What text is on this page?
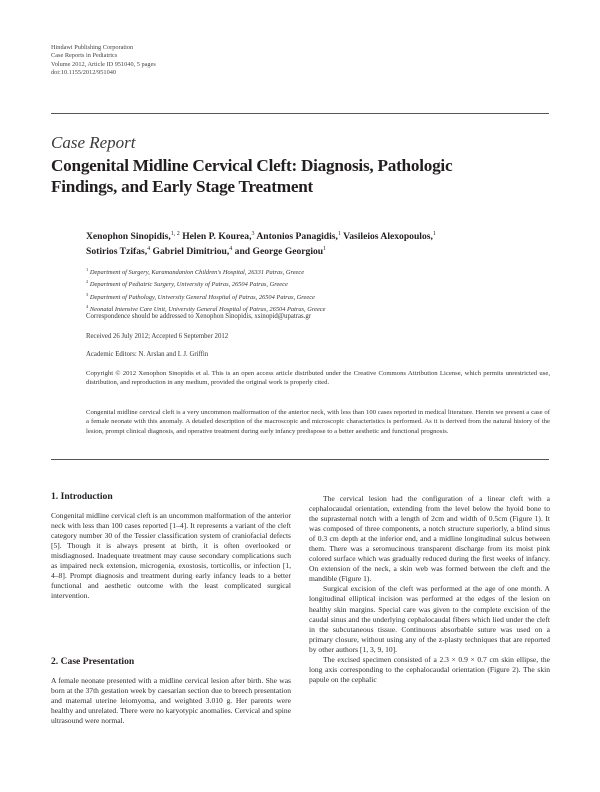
Hindawi Publishing Corporation
Case Reports in Pediatrics
Volume 2012, Article ID 951040, 5 pages
doi:10.1155/2012/951040
Case Report
Congenital Midline Cervical Cleft: Diagnosis, Pathologic Findings, and Early Stage Treatment
Xenophon Sinopidis,$^{1, 2}$ Helen P. Kourea,$^3$ Antonios Panagidis,$^1$ Vasileios Alexopoulos,$^1$
Sotirios Tzifas,$^4$ Gabriel Dimitriou,$^4$ and George Georgiou$^1$
$^1$ Department of Surgery, Karamandanion Children's Hospital, 26331 Patras, Greece
$^2$ Department of Pediatric Surgery, University of Patras, 26504 Patras, Greece
$^3$ Department of Pathology, University General Hospital of Patras, 26504 Patras, Greece
$^4$ Neonatal Intensive Care Unit, University General Hospital of Patras, 26504 Patras, Greece
Correspondence should be addressed to Xenophon Sinopidis, xsinopid@upatras.gr
Received 26 July 2012; Accepted 6 September 2012
Academic Editors: N. Arslan and I. J. Griffin
Copyright © 2012 Xenophon Sinopidis et al. This is an open access article distributed under the Creative Commons Attribution License, which permits unrestricted use, distribution, and reproduction in any medium, provided the original work is properly cited.
Congenital midline cervical cleft is a very uncommon malformation of the anterior neck, with less than 100 cases reported in medical literature. Herein we present a case of a female neonate with this anomaly. A detailed description of the macroscopic and microscopic characteristics is performed. As it is derived from the natural history of the lesion, prompt clinical diagnosis, and operative treatment during early infancy predispose to a better aesthetic and functional prognosis.
1. Introduction

Congenital midline cervical cleft is an uncommon malformation of the anterior neck with less than 100 cases reported [1–4]. It represents a variant of the cleft category number 30 of the Tessier classification system of craniofacial defects [5]. Though it is always present at birth, it is often overlooked or misdiagnosed. Inadequate treatment may cause secondary complications such as impaired neck extension, microgenia, exostosis, torticollis, or infection [1, 4–8]. Prompt diagnosis and treatment during early infancy leads to a better functional and aesthetic outcome with the least complicated surgical intervention.

2. Case Presentation

A female neonate presented with a midline cervical lesion after birth. She was born at the 37th gestation week by caesarian section due to breech presentation and maternal uterine leiomyoma, and weighted 3.010 g. Her parents were healthy and unrelated. There were no karyotypic anomalies. Cervical and spine ultrasound were normal.

The cervical lesion had the configuration of a linear cleft with a cephalocaudal orientation, extending from the level below the hyoid bone to the suprasternal notch with a length of 2cm and width of 0.5cm (Figure 1). It was composed of three components, a notch structure superiorly, a blind sinus of 0.3 cm depth at the inferior end, and a midline longitudinal sulcus between them. There was a seromucinous transparent discharge from its moist pink colored surface which was gradually reduced during the first weeks of infancy. On extension of the neck, a skin web was formed between the cleft and the mandible (Figure 1).

Surgical excision of the cleft was performed at the age of one month. A longitudinal elliptical incision was performed at the edges of the lesion on healthy skin margins. Special care was given to the complete excision of the caudal sinus and the underlying cephalocaudal fibers which lied under the cleft in the subcutaneous tissue. Continuous absorbable suture was used on a primary closure, without using any of the z-plasty techniques that are reported by other authors [1, 3, 9, 10].

The excised specimen consisted of a 2.3 × 0.9 × 0.7 cm skin ellipse, the long axis corresponding to the cephalocaudal orientation (Figure 2). The skin papule on the cephalic
